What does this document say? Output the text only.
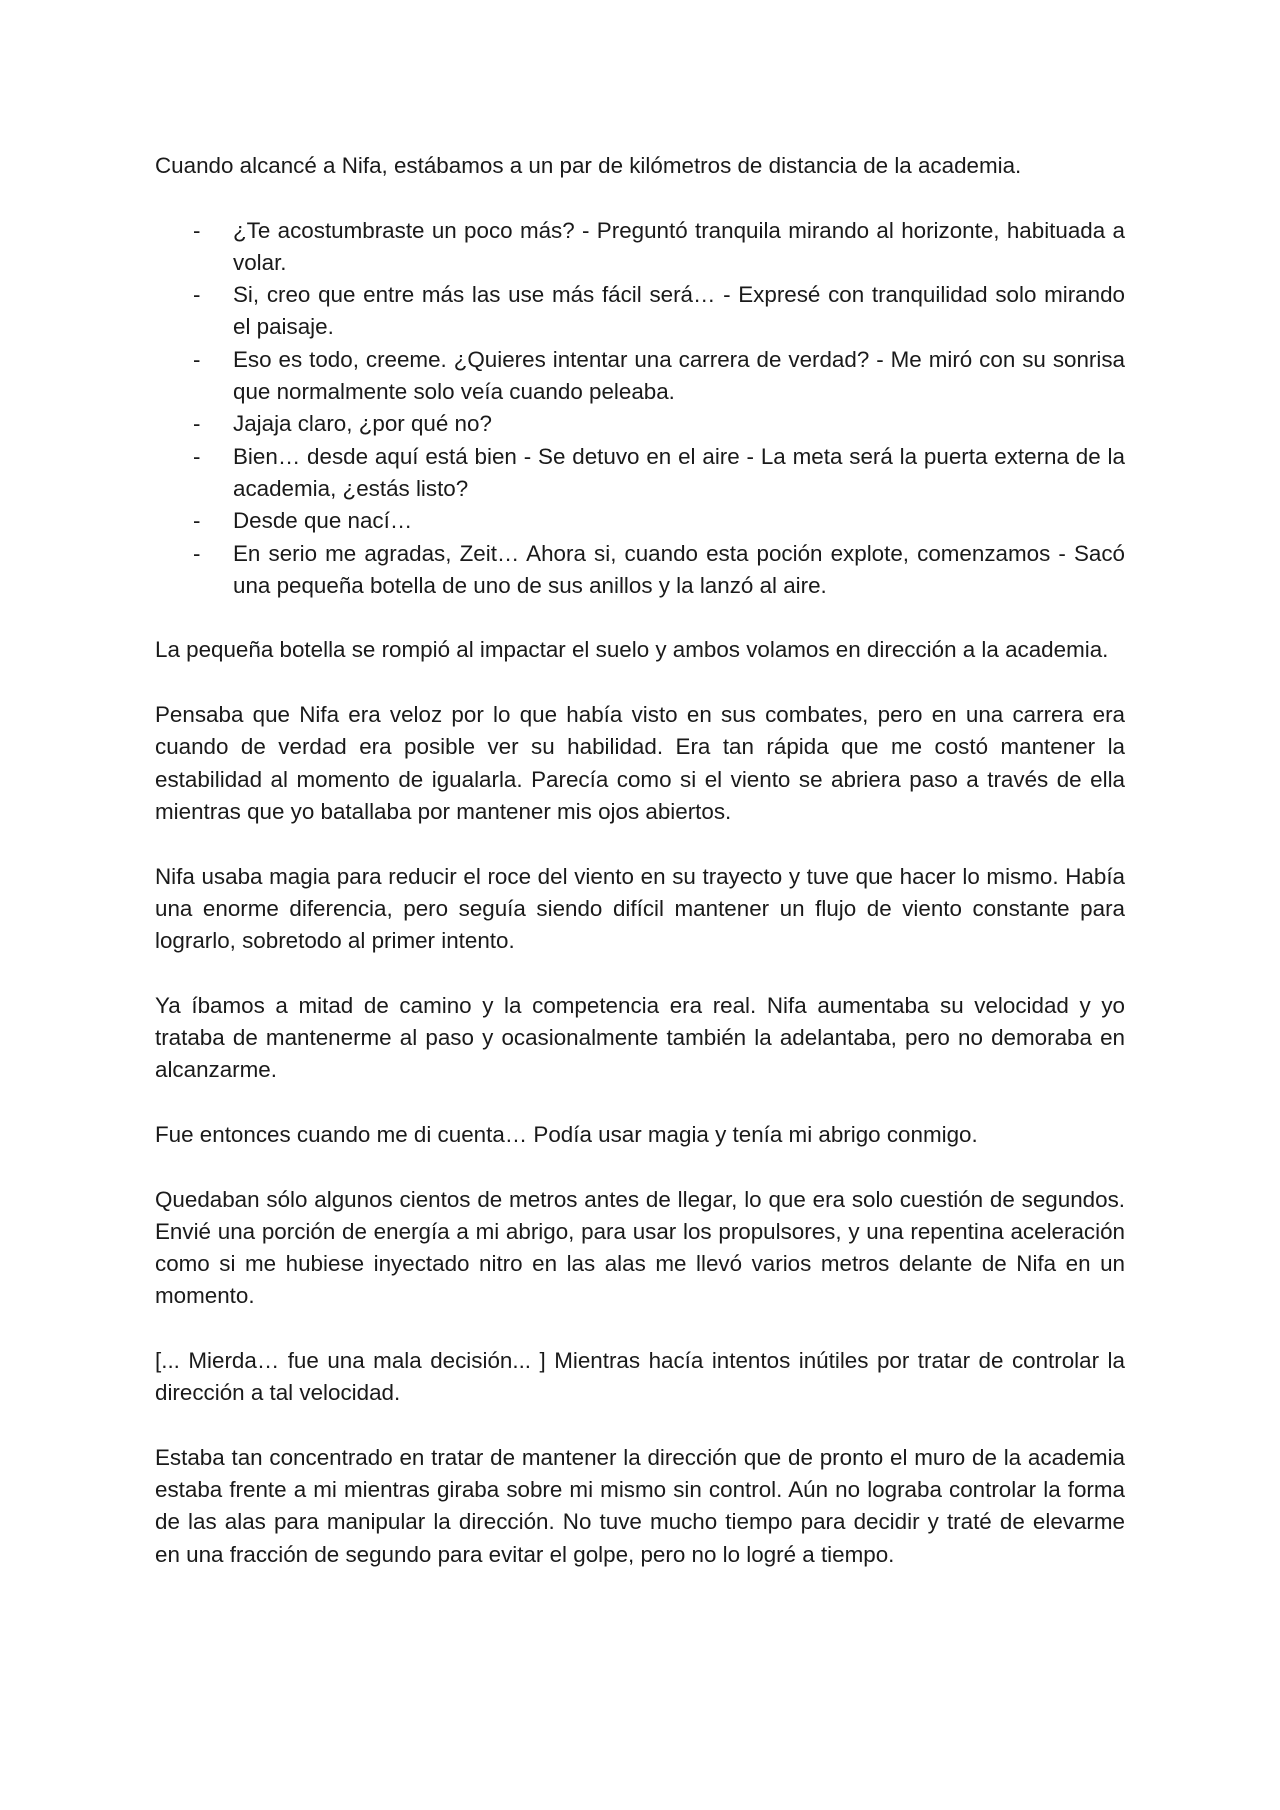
Cuando alcancé a Nifa, estábamos a un par de kilómetros de distancia de la academia.

- ¿Te acostumbraste un poco más? - Preguntó tranquila mirando al horizonte, habituada a volar.
- Si, creo que entre más las use más fácil será… - Expresé con tranquilidad solo mirando el paisaje.
- Eso es todo, creeme. ¿Quieres intentar una carrera de verdad? - Me miró con su sonrisa que normalmente solo veía cuando peleaba.
- Jajaja claro, ¿por qué no?
- Bien… desde aquí está bien - Se detuvo en el aire - La meta será la puerta externa de la academia, ¿estás listo?
- Desde que nací…
- En serio me agradas, Zeit… Ahora si, cuando esta poción explote, comenzamos - Sacó una pequeña botella de uno de sus anillos y la lanzó al aire.

La pequeña botella se rompió al impactar el suelo y ambos volamos en dirección a la academia.

Pensaba que Nifa era veloz por lo que había visto en sus combates, pero en una carrera era cuando de verdad era posible ver su habilidad. Era tan rápida que me costó mantener la estabilidad al momento de igualarla. Parecía como si el viento se abriera paso a través de ella mientras que yo batallaba por mantener mis ojos abiertos.

Nifa usaba magia para reducir el roce del viento en su trayecto y tuve que hacer lo mismo. Había una enorme diferencia, pero seguía siendo difícil mantener un flujo de viento constante para lograrlo, sobretodo al primer intento.

Ya íbamos a mitad de camino y la competencia era real. Nifa aumentaba su velocidad y yo trataba de mantenerme al paso y ocasionalmente también la adelantaba, pero no demoraba en alcanzarme.

Fue entonces cuando me di cuenta… Podía usar magia y tenía mi abrigo conmigo.

Quedaban sólo algunos cientos de metros antes de llegar, lo que era solo cuestión de segundos. Envié una porción de energía a mi abrigo, para usar los propulsores, y una repentina aceleración como si me hubiese inyectado nitro en las alas me llevó varios metros delante de Nifa en un momento.

[... Mierda… fue una mala decisión... ] Mientras hacía intentos inútiles por tratar de controlar la dirección a tal velocidad.

Estaba tan concentrado en tratar de mantener la dirección que de pronto el muro de la academia estaba frente a mi mientras giraba sobre mi mismo sin control. Aún no lograba controlar la forma de las alas para manipular la dirección. No tuve mucho tiempo para decidir y traté de elevarme en una fracción de segundo para evitar el golpe, pero no lo logré a tiempo.
